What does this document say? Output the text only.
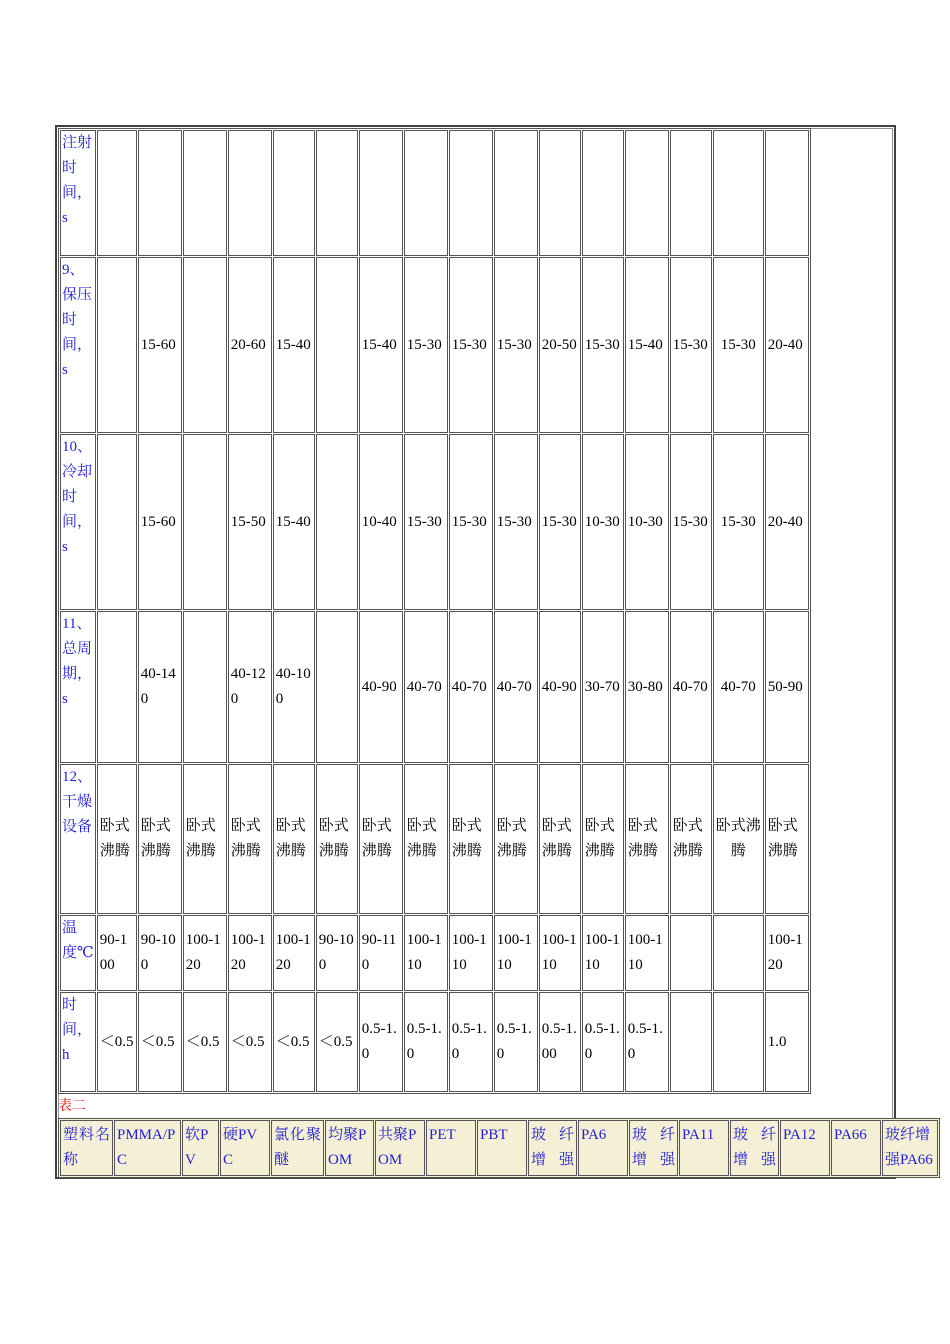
注射时间，s																
9、保压时间，s		15-60		20-60	15-40		15-40	15-30	15-30	15-30	20-50	15-30	15-40	15-30	15-30	20-40
10、冷却时间，s		15-60		15-50	15-40		10-40	15-30	15-30	15-30	15-30	10-30	10-30	15-30	15-30	20-40
11、总周期，s		40-140		40-120	40-100		40-90	40-70	40-70	40-70	40-90	30-70	30-80	40-70	40-70	50-90
12、干燥设备	卧式沸腾	卧式沸腾	卧式沸腾	卧式沸腾	卧式沸腾	卧式沸腾	卧式沸腾	卧式沸腾	卧式沸腾	卧式沸腾	卧式沸腾	卧式沸腾	卧式沸腾	卧式沸腾	卧式沸腾	卧式沸腾
温度℃	90-100	90-100	100-120	100-120	100-120	90-100	90-110	100-110	100-110	100-110	100-110	100-110	100-110			100-120
时间，h	＜0.5	＜0.5	＜0.5	＜0.5	＜0.5	＜0.5	0.5-1.0	0.5-1.0	0.5-1.0	0.5-1.0	0.5-1.00	0.5-1.0	0.5-1.0			1.0
表二
塑料名称	PMMA/PC	软PV	硬PVC	氯化聚醚	均聚POM	共聚POM	PET	PBT	玻纤增强	PA6	玻纤增强	PA11	玻纤增强	PA12	PA66	玻纤增强PA66
